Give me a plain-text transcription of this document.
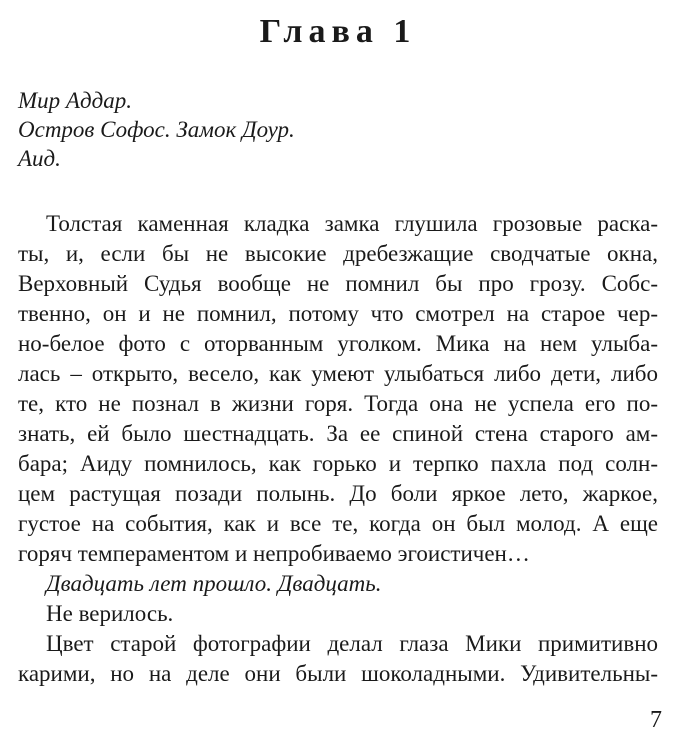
Глава 1
Мир Аддар.
Остров Софос. Замок Доур.
Аид.
Толстая каменная кладка замка глушила грозовые раска-
ты, и, если бы не высокие дребезжащие сводчатые окна,
Верховный Судья вообще не помнил бы про грозу. Собс-
твенно, он и не помнил, потому что смотрел на старое чер-
но-белое фото с оторванным уголком. Мика на нем улыба-
лась – открыто, весело, как умеют улыбаться либо дети, либо
те, кто не познал в жизни горя. Тогда она не успела его по-
знать, ей было шестнадцать. За ее спиной стена старого ам-
бара; Аиду помнилось, как горько и терпко пахла под солн-
цем растущая позади полынь. До боли яркое лето, жаркое,
густое на события, как и все те, когда он был молод. А еще
горяч темпераментом и непробиваемо эгоистичен…
Двадцать лет прошло. Двадцать.
Не верилось.
Цвет старой фотографии делал глаза Мики примитивно
карими, но на деле они были шоколадными. Удивительны-
7
